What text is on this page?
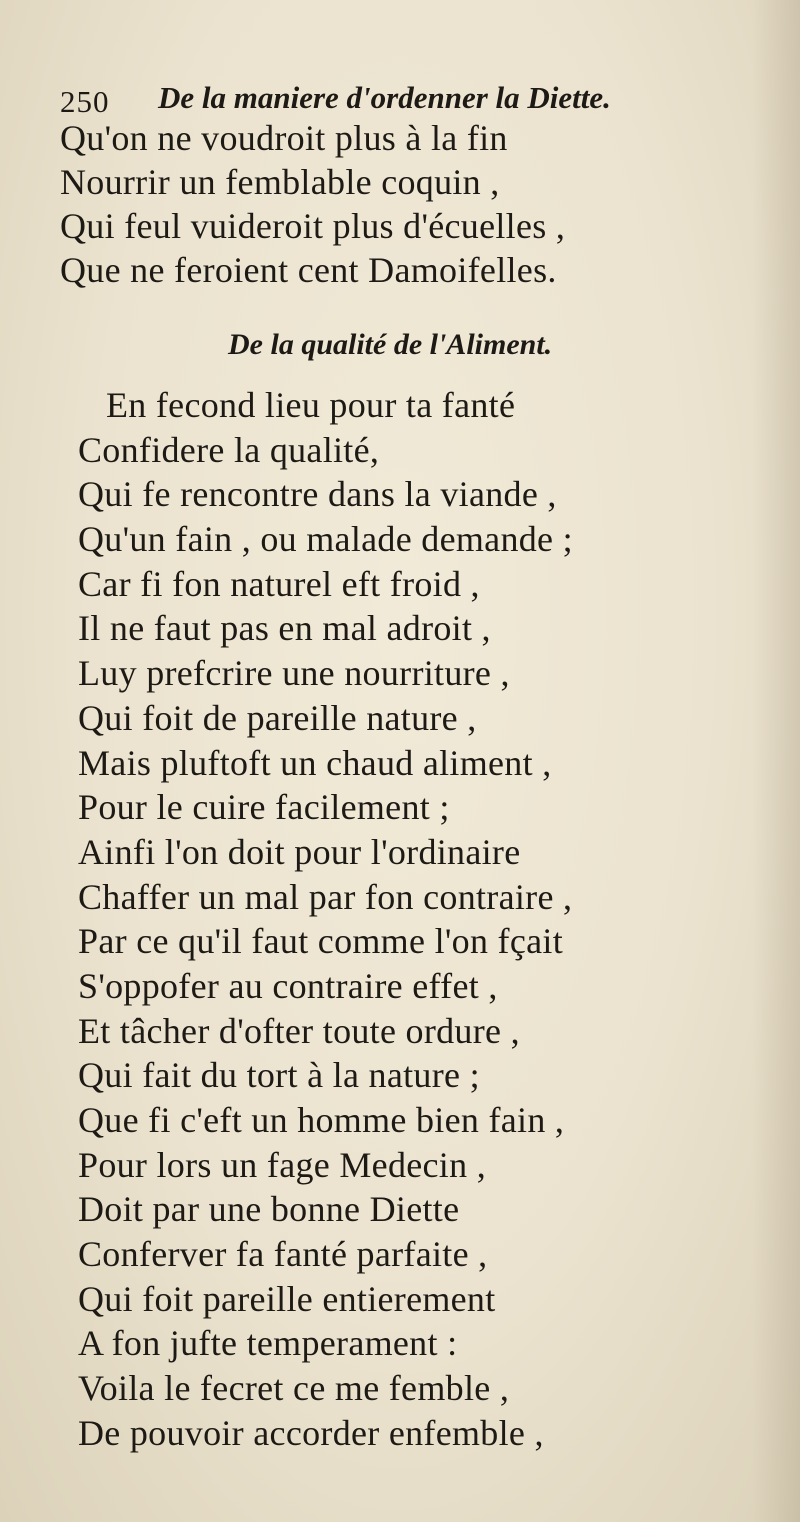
250 De la maniere d'ordenner la Diette.
Qu'on ne voudroit plus à la fin
Nourrir un femblable coquin ,
Qui feul vuideroit plus d'écuelles ,
Que ne feroient cent Damoifelles.
De la qualité de l'Aliment.
En fecond lieu pour ta fanté
Confidere la qualité,
Qui fe rencontre dans la viande ,
Qu'un fain , ou malade demande ;
Car fi fon naturel eft froid ,
Il ne faut pas en mal adroit ,
Luy prefcrire une nourriture ,
Qui foit de pareille nature ,
Mais pluftoft un chaud aliment ,
Pour le cuire facilement ;
Ainfi l'on doit pour l'ordinaire
Chaffer un mal par fon contraire ,
Par ce qu'il faut comme l'on fçait
S'oppofer au contraire effet ,
Et tâcher d'ofter toute ordure ,
Qui fait du tort à la nature ;
Que fi c'eft un homme bien fain ,
Pour lors un fage Medecin ,
Doit par une bonne Diette
Conferver fa fanté parfaite ,
Qui foit pareille entierement
A fon jufte temperament :
Voila le fecret ce me femble ,
De pouvoir accorder enfemble ,
